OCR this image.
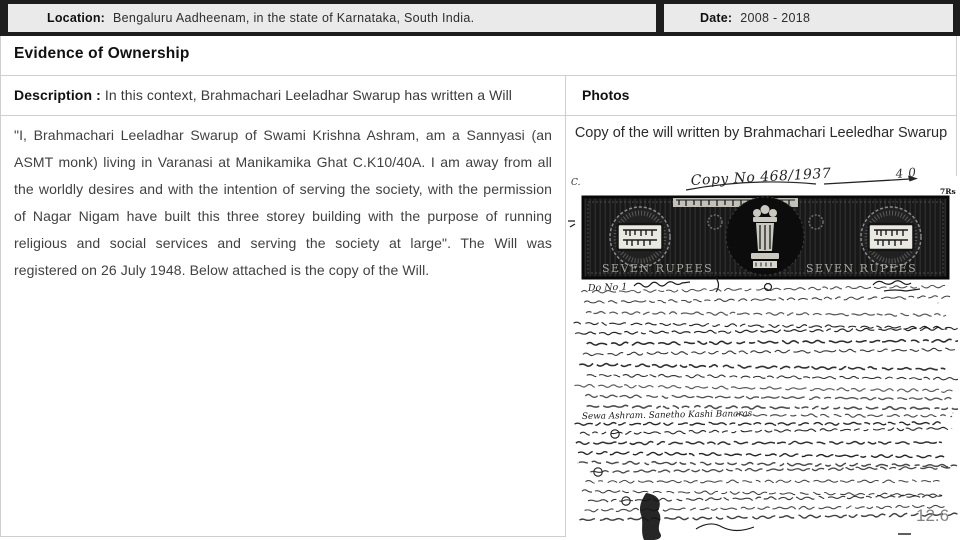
Location: Bengaluru Aadheenam, in the state of Karnataka, South India.	Date: 2008 - 2018
Evidence of Ownership
Description : In this context, Brahmachari Leeladhar Swarup has written a Will	Photos

"I, Brahmachari Leeladhar Swarup of Swami Krishna Ashram, am a Sannyasi (an ASMT monk) living in Varanasi at Manikamika Ghat C.K10/40A. I am away from all the worldly desires and with the intention of serving the society, with the permission of Nagar Nigam have built this three storey building with the purpose of running religious and social services and serving the society at large". The Will was registered on 26 July 1948. Below attached is the copy of the Will.

Copy of the will written by Brahmachari Leeledhar Swarup
C.	Copy No 468/1937	40
7Rs
SEVEN RUPEES	SEVEN RUPEES
Do No 1
Sewa Ashram. Sanetho Kashi Banaras
12.6
